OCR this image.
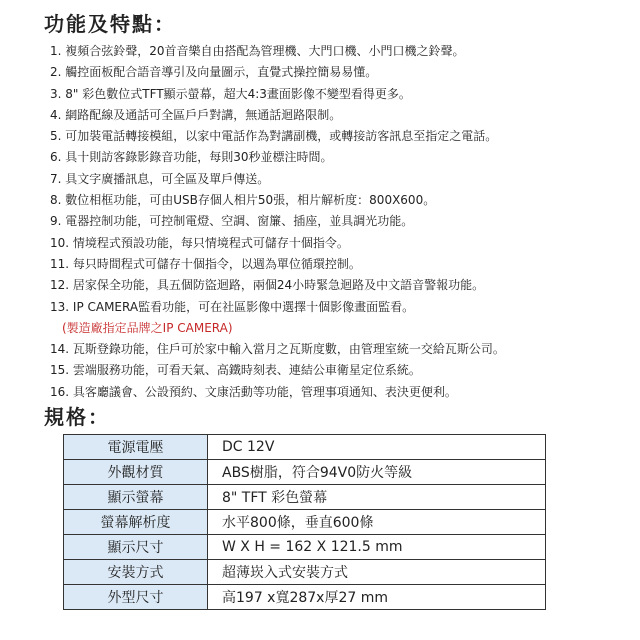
功能及特點：
1. 複頻合弦鈴聲，20首音樂自由搭配為管理機、大門口機、小門口機之鈴聲。
2. 觸控面板配合語音導引及向量圖示，直覺式操控簡易易懂。
3. 8" 彩色數位式TFT顯示螢幕，超大4:3畫面影像不變型看得更多。
4. 網路配線及通話可全區戶戶對講，無通話迴路限制。
5. 可加裝電話轉接模組，以家中電話作為對講副機，或轉接訪客訊息至指定之電話。
6. 具十則訪客錄影錄音功能，每則30秒並標注時間。
7. 具文字廣播訊息，可全區及單戶傳送。
8. 數位相框功能，可由USB存個人相片50張，相片解析度：800X600。
9. 電器控制功能，可控制電燈、空調、窗簾、插座，並具調光功能。
10. 情境程式預設功能，每只情境程式可儲存十個指令。
11. 每只時間程式可儲存十個指令，以週為單位循環控制。
12. 居家保全功能，具五個防盜迴路，兩個24小時緊急迴路及中文語音警報功能。
13. IP CAMERA監看功能，可在社區影像中選擇十個影像畫面監看。
(製造廠指定品牌之IP CAMERA)
14. 瓦斯登錄功能，住戶可於家中輸入當月之瓦斯度數，由管理室統一交給瓦斯公司。
15. 雲端服務功能，可看天氣、高鐵時刻表、連結公車衛星定位系統。
16. 具客廳議會、公設預約、文康活動等功能，管理事項通知、表決更便利。
規格：
電源電壓	DC 12V
外觀材質	ABS樹脂，符合94V0防火等級
顯示螢幕	8" TFT 彩色螢幕
螢幕解析度	水平800條，垂直600條
顯示尺寸	W X H = 162 X 121.5 mm
安裝方式	超薄崁入式安裝方式
外型尺寸	高197 x寬287x厚27 mm
